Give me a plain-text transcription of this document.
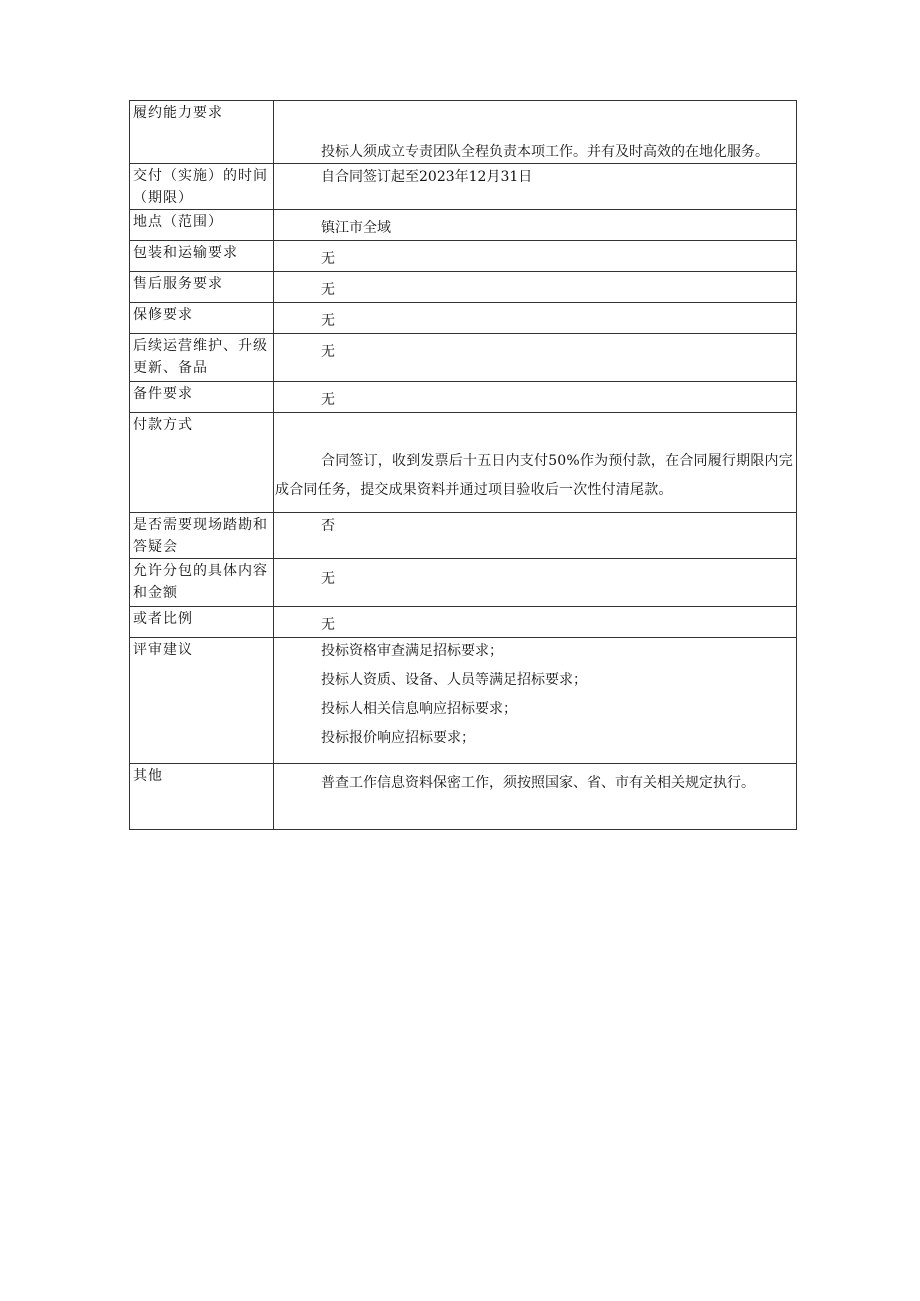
履约能力要求	投标人须成立专责团队全程负责本项工作。并有及时高效的在地化服务。

交付（实施）的时间（期限）	自合同签订起至2023年12月31日

地点（范围）	镇江市全域

包装和运输要求	无

售后服务要求	无

保修要求	无

后续运营维护、升级更新、备品	无

备件要求	无

付款方式	合同签订，收到发票后十五日内支付50%作为预付款，在合同履行期限内完成合同任务，提交成果资料并通过项目验收后一次性付清尾款。

是否需要现场踏勘和答疑会	否

允许分包的具体内容和金额	无

或者比例	无

评审建议	投标资格审查满足招标要求；
投标人资质、设备、人员等满足招标要求；
投标人相关信息响应招标要求；
投标报价响应招标要求；

其他	普查工作信息资料保密工作，须按照国家、省、市有关相关规定执行。
